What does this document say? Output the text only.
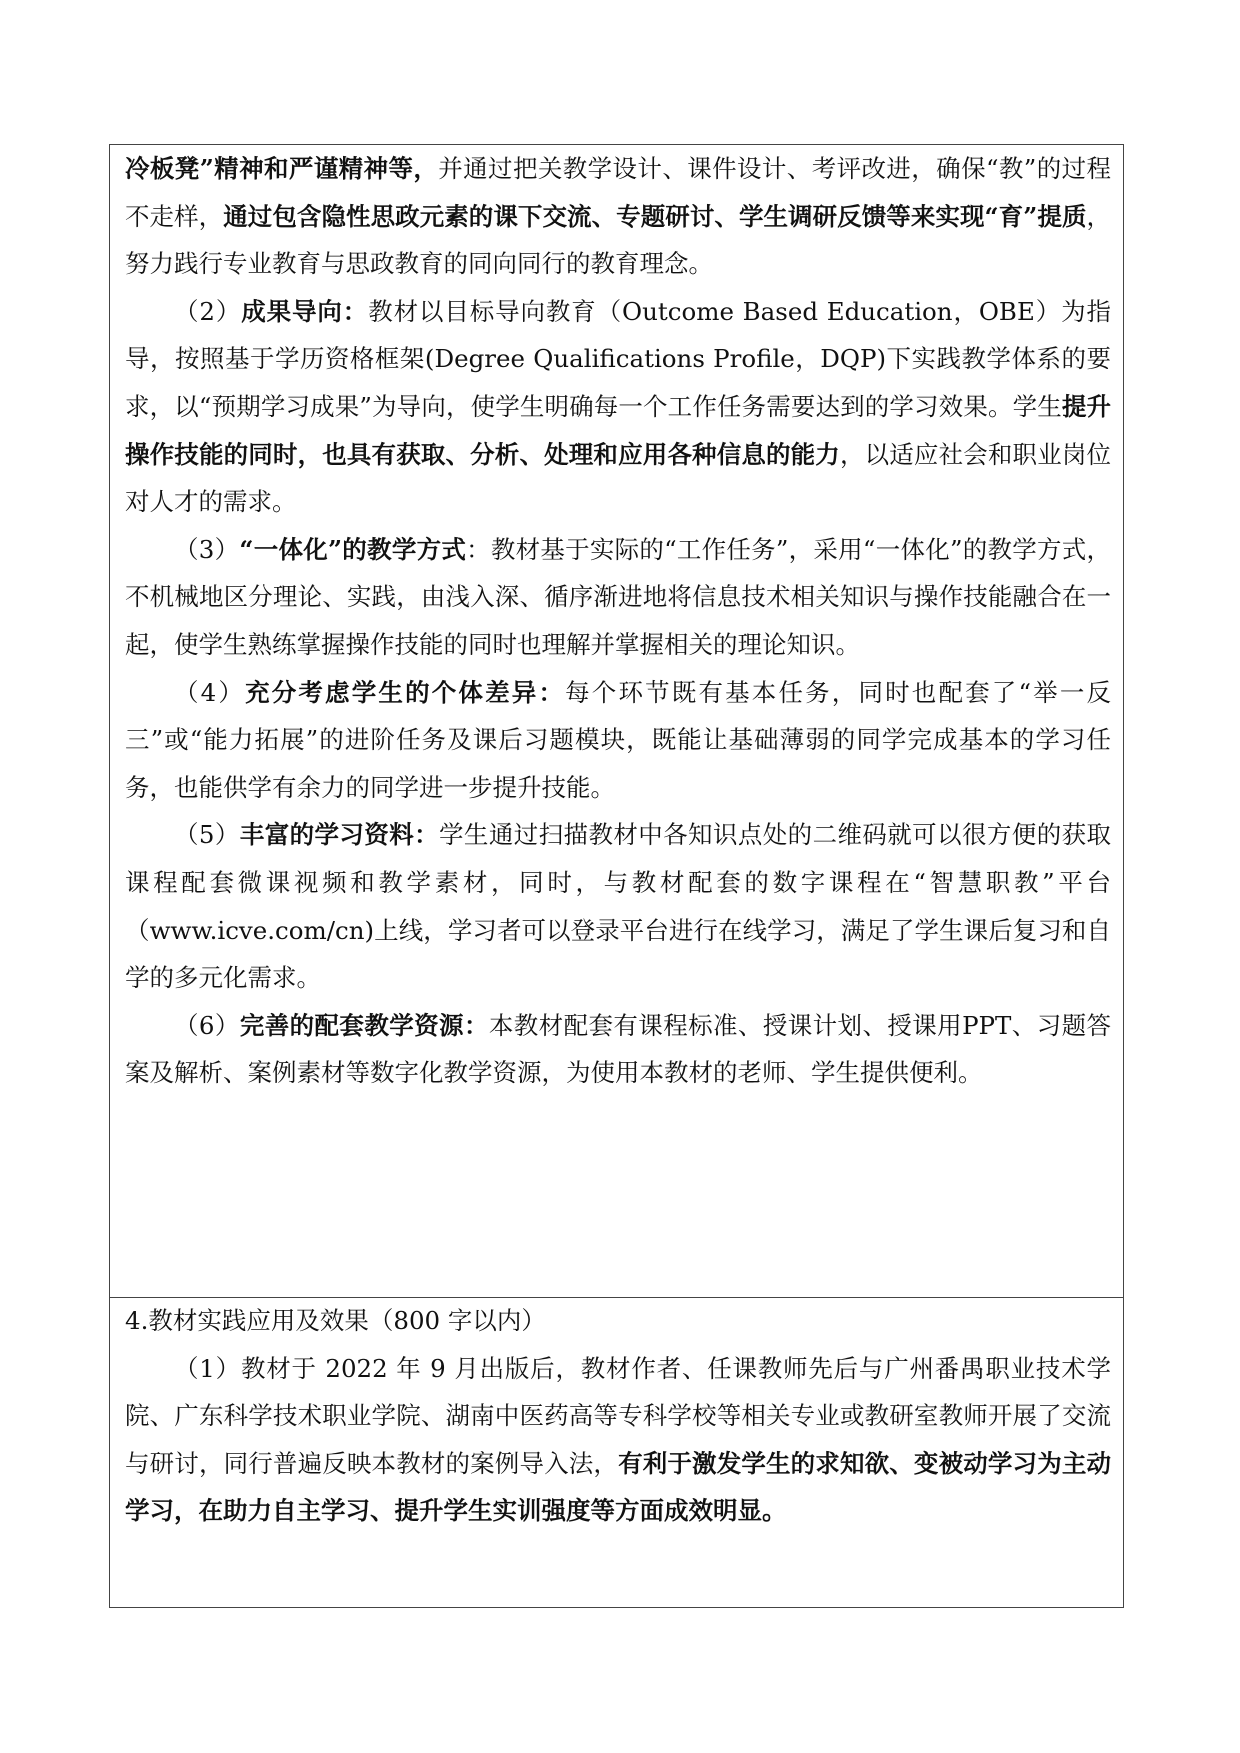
冷板凳”精神和严谨精神等，并通过把关教学设计、课件设计、考评改进，确保“教”的过程不走样，通过包含隐性思政元素的课下交流、专题研讨、学生调研反馈等来实现“育”提质，努力践行专业教育与思政教育的同向同行的教育理念。

（2）成果导向：教材以目标导向教育（Outcome Based Education，OBE）为指导，按照基于学历资格框架(Degree Qualifications Profile，DQP)下实践教学体系的要求，以“预期学习成果”为导向，使学生明确每一个工作任务需要达到的学习效果。学生提升操作技能的同时，也具有获取、分析、处理和应用各种信息的能力，以适应社会和职业岗位对人才的需求。

（3）“一体化”的教学方式：教材基于实际的“工作任务”，采用“一体化”的教学方式，不机械地区分理论、实践，由浅入深、循序渐进地将信息技术相关知识与操作技能融合在一起，使学生熟练掌握操作技能的同时也理解并掌握相关的理论知识。

（4）充分考虑学生的个体差异：每个环节既有基本任务，同时也配套了“举一反三”或“能力拓展”的进阶任务及课后习题模块，既能让基础薄弱的同学完成基本的学习任务，也能供学有余力的同学进一步提升技能。

（5）丰富的学习资料：学生通过扫描教材中各知识点处的二维码就可以很方便的获取课程配套微课视频和教学素材，同时，与教材配套的数字课程在“智慧职教”平台（www.icve.com/cn)上线，学习者可以登录平台进行在线学习，满足了学生课后复习和自学的多元化需求。

（6）完善的配套教学资源：本教材配套有课程标准、授课计划、授课用PPT、习题答案及解析、案例素材等数字化教学资源，为使用本教材的老师、学生提供便利。

4.教材实践应用及效果（800 字以内）

（1）教材于 2022 年 9 月出版后，教材作者、任课教师先后与广州番禺职业技术学院、广东科学技术职业学院、湖南中医药高等专科学校等相关专业或教研室教师开展了交流与研讨，同行普遍反映本教材的案例导入法，有利于激发学生的求知欲、变被动学习为主动学习，在助力自主学习、提升学生实训强度等方面成效明显。
